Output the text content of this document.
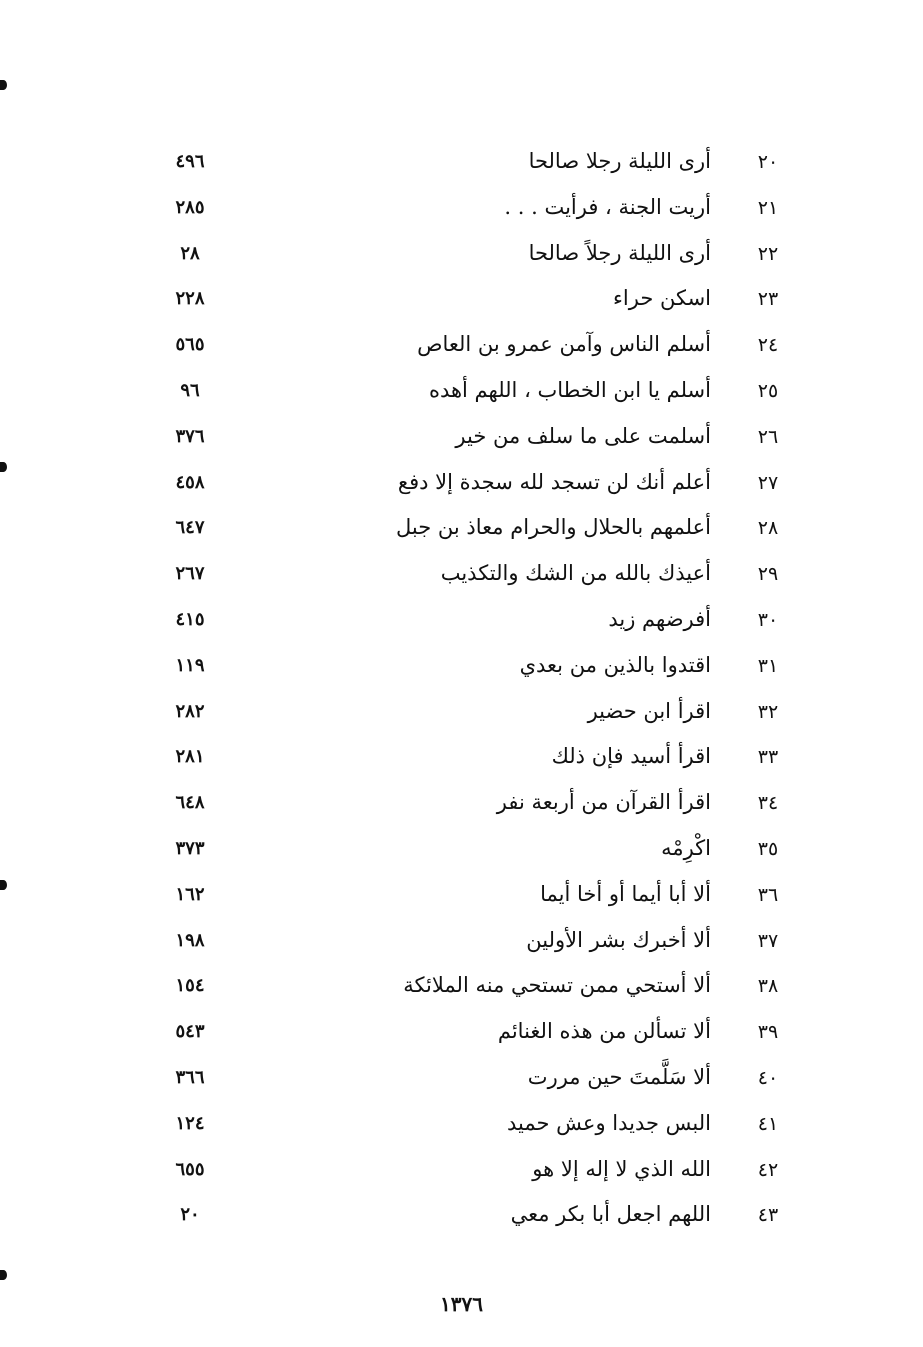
٢٠
أرى الليلة رجلا صالحا
٤٩٦
٢١
أريت الجنة ، فرأيت . . .
٢٨٥
٢٢
أرى الليلة رجلاً صالحا
٢٨
٢٣
اسكن حراء
٢٢٨
٢٤
أسلم الناس وآمن عمرو بن العاص
٥٦٥
٢٥
أسلم يا ابن الخطاب ، اللهم أهده
٩٦
٢٦
أسلمت على ما سلف من خير
٣٧٦
٢٧
أعلم أنك لن تسجد لله سجدة إلا دفع
٤٥٨
٢٨
أعلمهم بالحلال والحرام معاذ بن جبل
٦٤٧
٢٩
أعيذك بالله من الشك والتكذيب
٢٦٧
٣٠
أفرضهم زيد
٤١٥
٣١
اقتدوا بالذين من بعدي
١١٩
٣٢
اقرأ ابن حضير
٢٨٢
٣٣
اقرأ أسيد فإن ذلك
٢٨١
٣٤
اقرأ القرآن من أربعة نفر
٦٤٨
٣٥
اكْرِمْه
٣٧٣
٣٦
ألا أبا أيما أو أخا أيما
١٦٢
٣٧
ألا أخبرك بشر الأولين
١٩٨
٣٨
ألا أستحي ممن تستحي منه الملائكة
١٥٤
٣٩
ألا تسألن من هذه الغنائم
٥٤٣
٤٠
ألا سَلَّمتَ حين مررت
٣٦٦
٤١
البس جديدا وعش حميد
١٢٤
٤٢
الله الذي لا إله إلا هو
٦٥٥
٤٣
اللهم اجعل أبا بكر معي
٢٠
١٣٧٦
